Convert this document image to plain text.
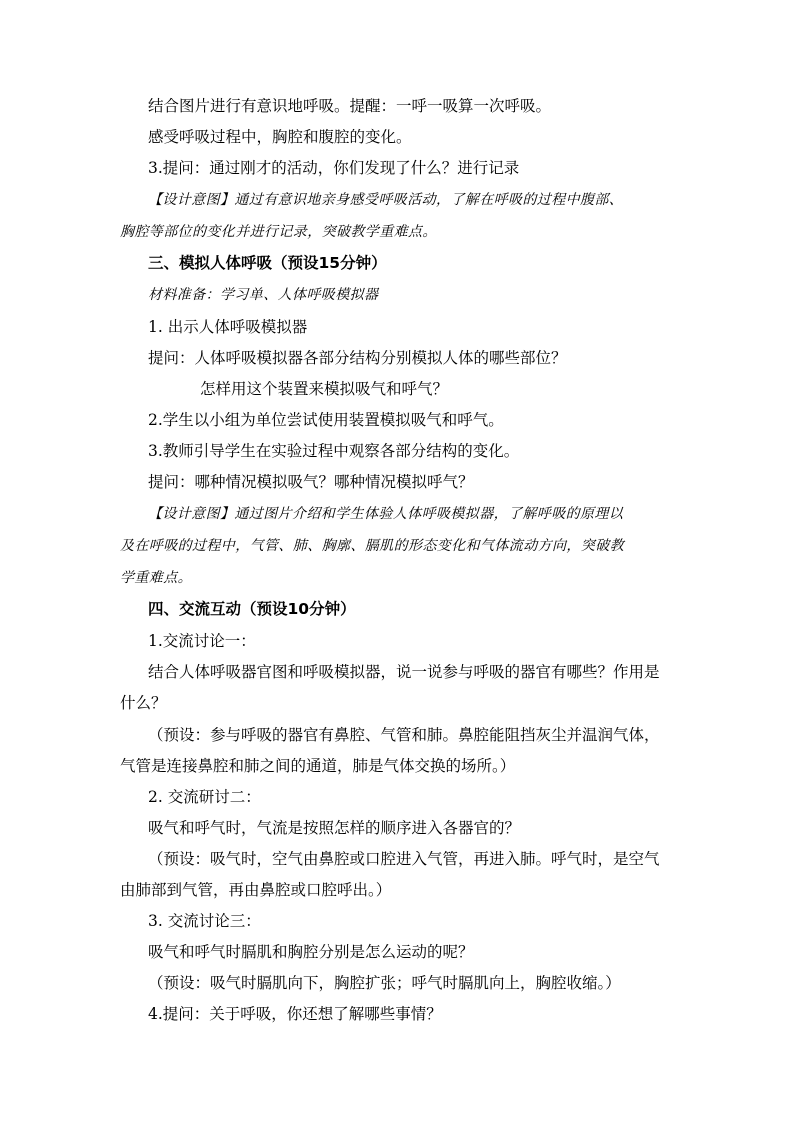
结合图片进行有意识地呼吸。提醒：一呼一吸算一次呼吸。
感受呼吸过程中，胸腔和腹腔的变化。
3.提问：通过刚才的活动，你们发现了什么？进行记录
【设计意图】通过有意识地亲身感受呼吸活动，了解在呼吸的过程中腹部、
胸腔等部位的变化并进行记录，突破教学重难点。
三、模拟人体呼吸（预设15分钟）
材料准备：学习单、人体呼吸模拟器
1. 出示人体呼吸模拟器
提问：人体呼吸模拟器各部分结构分别模拟人体的哪些部位？
怎样用这个装置来模拟吸气和呼气？
2.学生以小组为单位尝试使用装置模拟吸气和呼气。
3.教师引导学生在实验过程中观察各部分结构的变化。
提问：哪种情况模拟吸气？哪种情况模拟呼气？
【设计意图】通过图片介绍和学生体验人体呼吸模拟器，了解呼吸的原理以
及在呼吸的过程中，气管、肺、胸廓、膈肌的形态变化和气体流动方向，突破教
学重难点。
四、交流互动（预设10分钟）
1.交流讨论一：
结合人体呼吸器官图和呼吸模拟器，说一说参与呼吸的器官有哪些？作用是
什么？
（预设：参与呼吸的器官有鼻腔、气管和肺。鼻腔能阻挡灰尘并温润气体，
气管是连接鼻腔和肺之间的通道，肺是气体交换的场所。）
2. 交流研讨二：
吸气和呼气时，气流是按照怎样的顺序进入各器官的？
（预设：吸气时，空气由鼻腔或口腔进入气管，再进入肺。呼气时，是空气
由肺部到气管，再由鼻腔或口腔呼出。）
3. 交流讨论三：
吸气和呼气时膈肌和胸腔分别是怎么运动的呢？
（预设：吸气时膈肌向下，胸腔扩张；呼气时膈肌向上，胸腔收缩。）
4.提问：关于呼吸，你还想了解哪些事情？
